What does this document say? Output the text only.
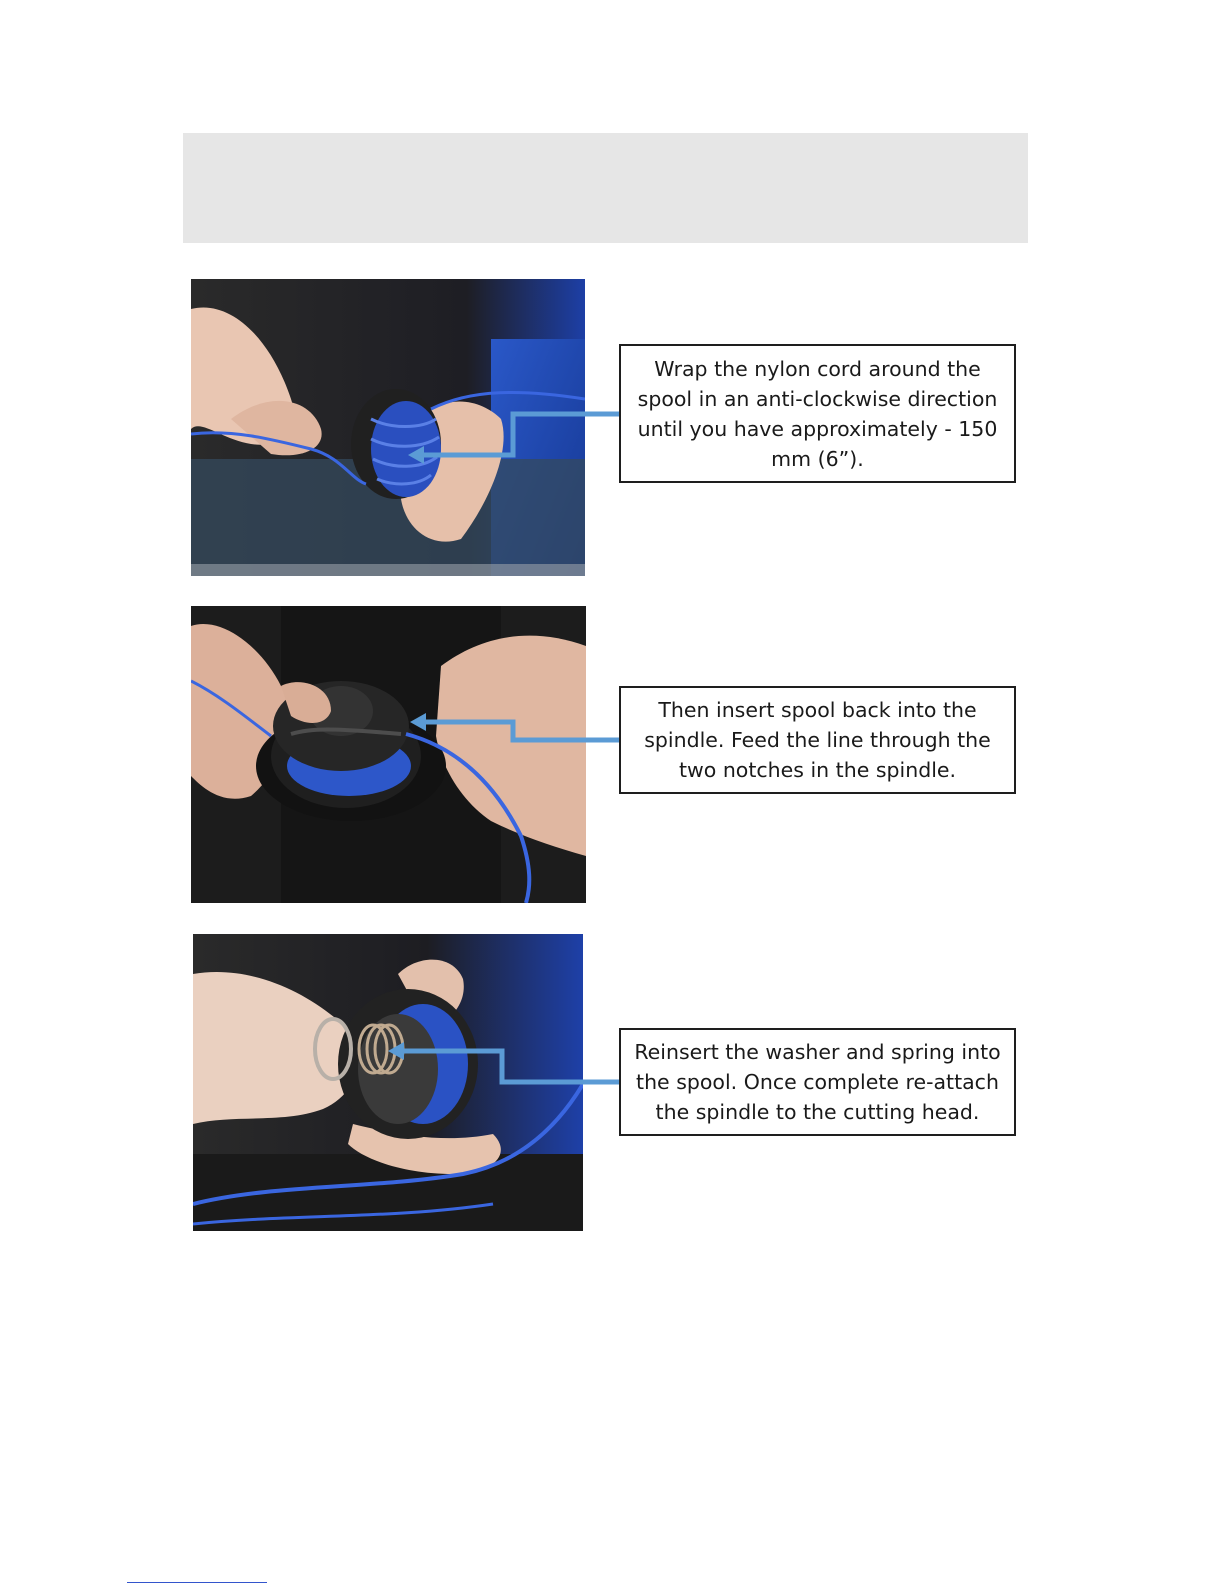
Wrap the nylon cord around the spool in an anti-clockwise direction until you have approximately - 150 mm (6”).
Then insert spool back into the spindle. Feed the line through the two notches in the spindle.
Reinsert the washer and spring into the spool. Once complete re-attach the spindle to the cutting head.
